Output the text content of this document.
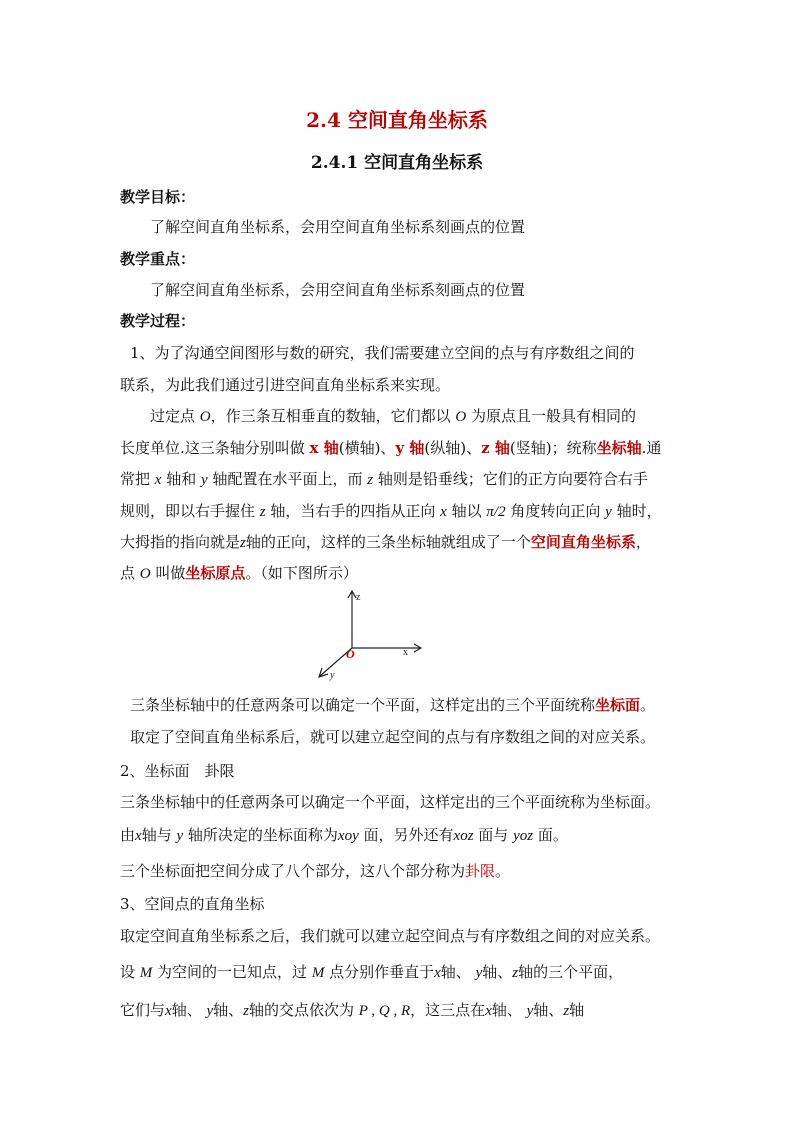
2.4 空间直角坐标系
2.4.1 空间直角坐标系
教学目标：
了解空间直角坐标系，会用空间直角坐标系刻画点的位置
教学重点：
了解空间直角坐标系，会用空间直角坐标系刻画点的位置
教学过程：
1、为了沟通空间图形与数的研究，我们需要建立空间的点与有序数组之间的
联系，为此我们通过引进空间直角坐标系来实现。
过定点 O，作三条互相垂直的数轴，它们都以 O 为原点且一般具有相同的
长度单位.这三条轴分别叫做 x 轴(横轴)、y 轴(纵轴)、z 轴(竖轴)；统称坐标轴.通
常把 x 轴和 y 轴配置在水平面上，而 z 轴则是铅垂线；它们的正方向要符合右手
规则，即以右手握住 z 轴，当右手的四指从正向 x 轴以 π/2 角度转向正向 y 轴时，
大拇指的指向就是z轴的正向，这样的三条坐标轴就组成了一个空间直角坐标系，
点 O 叫做坐标原点。（如下图所示）
z
x
y
O
三条坐标轴中的任意两条可以确定一个平面，这样定出的三个平面统称坐标面。
取定了空间直角坐标系后，就可以建立起空间的点与有序数组之间的对应关系。
2、坐标面　卦限
三条坐标轴中的任意两条可以确定一个平面，这样定出的三个平面统称为坐标面。
由x轴与 y 轴所决定的坐标面称为xoy 面，另外还有xoz 面与 yoz 面。
三个坐标面把空间分成了八个部分，这八个部分称为卦限。
3、空间点的直角坐标
取定空间直角坐标系之后，我们就可以建立起空间点与有序数组之间的对应关系。
设 M 为空间的一已知点，过 M 点分别作垂直于x轴、 y轴、z轴的三个平面，
它们与x轴、 y轴、z轴的交点依次为 P , Q , R，这三点在x轴、 y轴、z轴
